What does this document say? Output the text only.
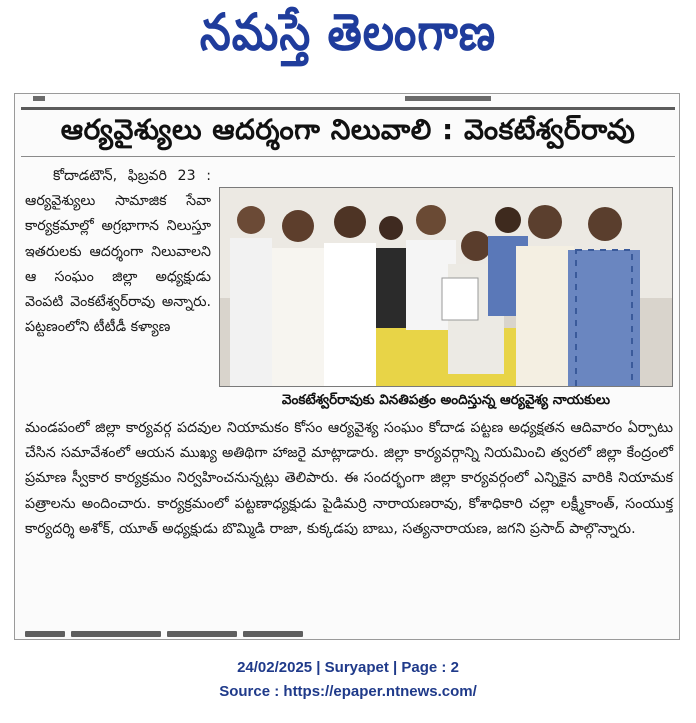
నమస్తే తెలంగాణ
ఆర్యవైశ్యులు ఆదర్శంగా నిలువాలి : వెంకటేశ్వర్‌రావు

కోదాడటౌన్, ఫిబ్రవరి 23 : ఆర్యవైశ్యులు సామాజిక సేవా కార్యక్రమాల్లో అగ్రభాగాన నిలుస్తూ ఇతరులకు ఆదర్శంగా నిలువాలని ఆ సంఘం జిల్లా అధ్యక్షుడు వెంపటి వెంకటేశ్వర్‌రావు అన్నారు. పట్టణంలోని టీటీడీ కళ్యాణ

వెంకటేశ్వర్‌రావుకు వినతిపత్రం అందిస్తున్న ఆర్యవైశ్య నాయకులు

మండపంలో జిల్లా కార్యవర్గ పదవుల నియామకం కోసం ఆర్యవైశ్య సంఘం కోదాడ పట్టణ అధ్యక్షతన ఆదివారం ఏర్పాటు చేసిన సమావేశంలో ఆయన ముఖ్య అతిథిగా హాజరై మాట్లాడారు. జిల్లా కార్యవర్గాన్ని నియమించి త్వరలో జిల్లా కేంద్రంలో ప్రమాణ స్వీకార కార్యక్రమం నిర్వహించనున్నట్లు తెలిపారు. ఈ సందర్భంగా జిల్లా కార్యవర్గంలో ఎన్నికైన వారికి నియామక పత్రాలను అందించారు. కార్యక్రమంలో పట్టణాధ్యక్షుడు పైడిమర్రి నారాయణరావు, కోశాధికారి చల్లా లక్ష్మీకాంత్, సంయుక్త కార్యదర్శి అశోక్, యూత్ అధ్యక్షుడు బొమ్మిడి రాజా, కుక్కడపు బాబు, సత్యనారాయణ, జగని ప్రసాద్ పాల్గొన్నారు.

24/02/2025 | Suryapet | Page : 2
Source : https://epaper.ntnews.com/
